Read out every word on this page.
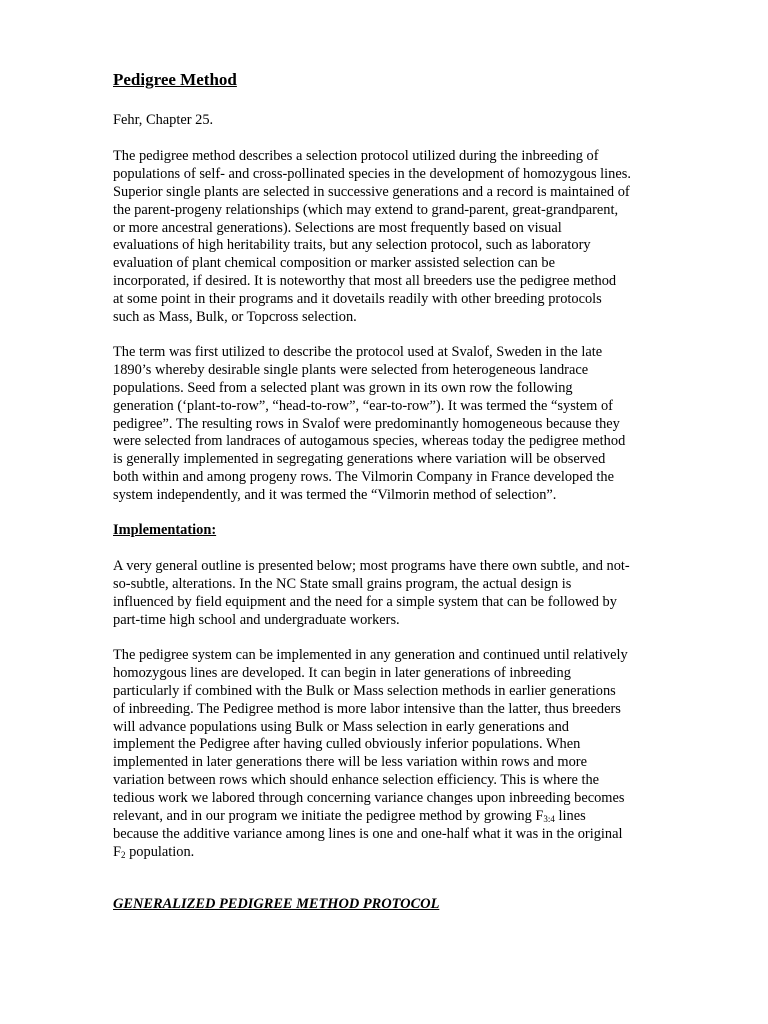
Pedigree Method
Fehr, Chapter 25.
The pedigree method describes a selection protocol utilized during the inbreeding of
populations of self- and cross-pollinated species in the development of homozygous lines.
Superior single plants are selected in successive generations and a record is maintained of
the parent-progeny relationships (which may extend to grand-parent, great-grandparent,
or more ancestral generations). Selections are most frequently based on visual
evaluations of high heritability traits, but any selection protocol, such as laboratory
evaluation of plant chemical composition or marker assisted selection can be
incorporated, if desired. It is noteworthy that most all breeders use the pedigree method
at some point in their programs and it dovetails readily with other breeding protocols
such as Mass, Bulk, or Topcross selection.
The term was first utilized to describe the protocol used at Svalof, Sweden in the late
1890’s whereby desirable single plants were selected from heterogeneous landrace
populations. Seed from a selected plant was grown in its own row the following
generation (‘plant-to-row”, “head-to-row”, “ear-to-row”). It was termed the “system of
pedigree”. The resulting rows in Svalof were predominantly homogeneous because they
were selected from landraces of autogamous species, whereas today the pedigree method
is generally implemented in segregating generations where variation will be observed
both within and among progeny rows. The Vilmorin Company in France developed the
system independently, and it was termed the “Vilmorin method of selection”.
Implementation:
A very general outline is presented below; most programs have there own subtle, and not-
so-subtle, alterations. In the NC State small grains program, the actual design is
influenced by field equipment and the need for a simple system that can be followed by
part-time high school and undergraduate workers.
The pedigree system can be implemented in any generation and continued until relatively
homozygous lines are developed. It can begin in later generations of inbreeding
particularly if combined with the Bulk or Mass selection methods in earlier generations
of inbreeding. The Pedigree method is more labor intensive than the latter, thus breeders
will advance populations using Bulk or Mass selection in early generations and
implement the Pedigree after having culled obviously inferior populations. When
implemented in later generations there will be less variation within rows and more
variation between rows which should enhance selection efficiency. This is where the
tedious work we labored through concerning variance changes upon inbreeding becomes
relevant, and in our program we initiate the pedigree method by growing $F_{3:4}$ lines
because the additive variance among lines is one and one-half what it was in the original
$F_2$ population.
GENERALIZED PEDIGREE METHOD PROTOCOL
